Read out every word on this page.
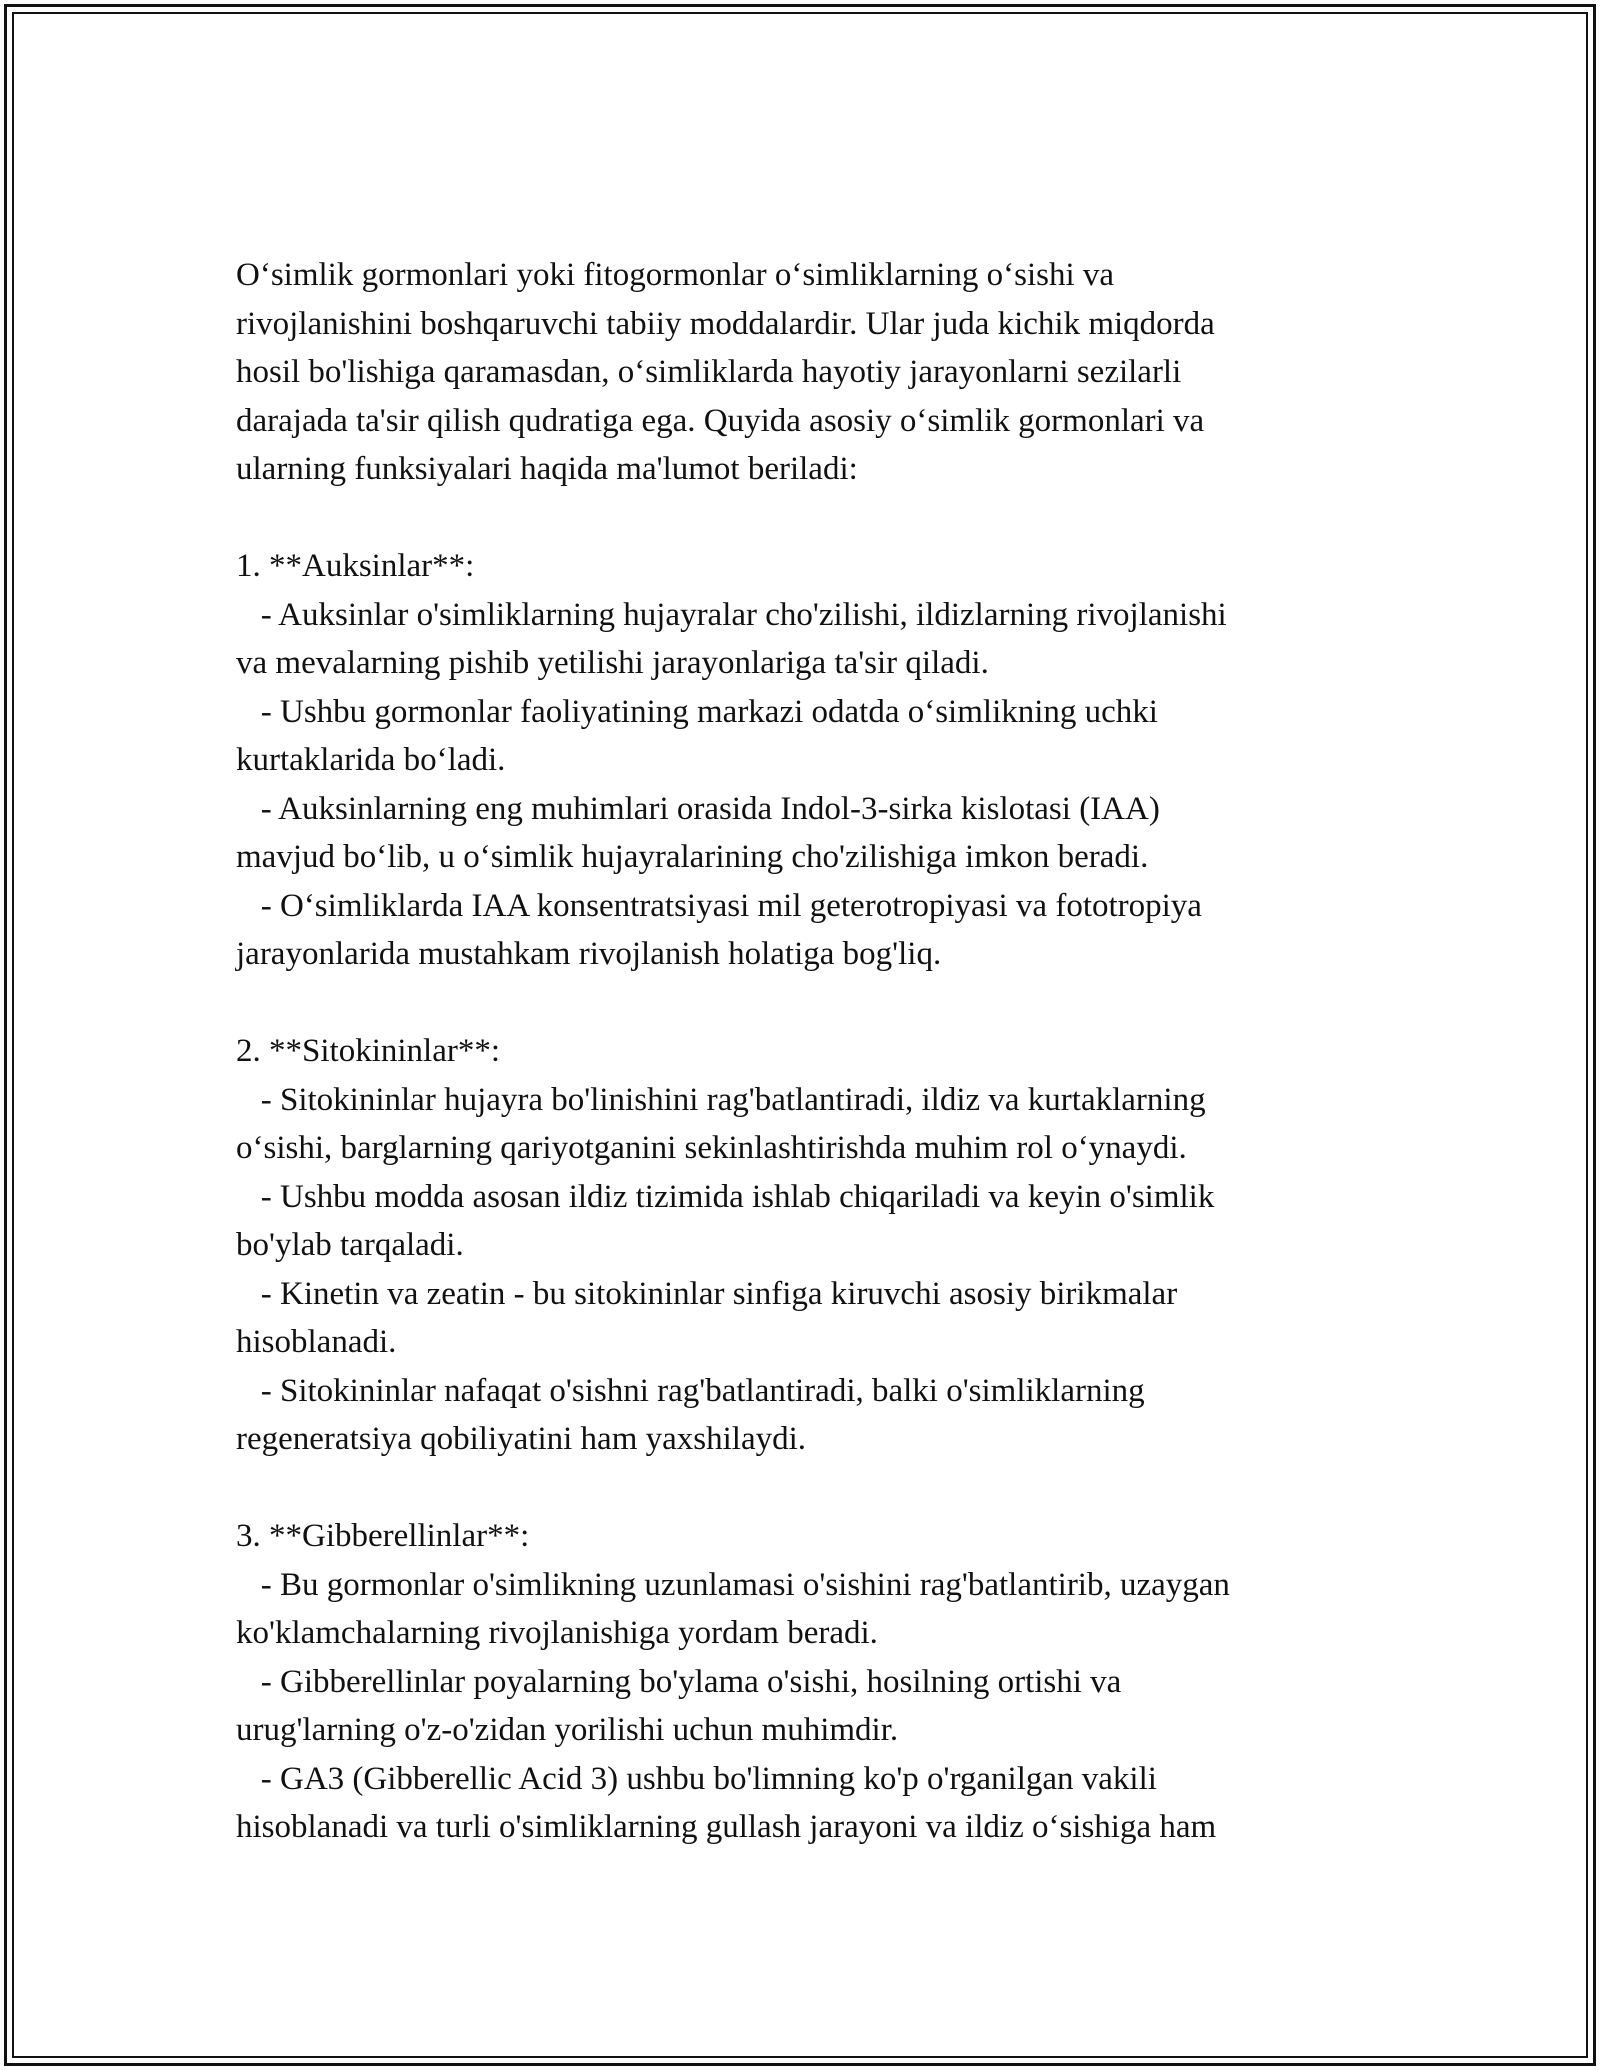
O‘simlik gormonlari yoki fitogormonlar o‘simliklarning o‘sishi va
rivojlanishini boshqaruvchi tabiiy moddalardir. Ular juda kichik miqdorda
hosil bo'lishiga qaramasdan, o‘simliklarda hayotiy jarayonlarni sezilarli
darajada ta'sir qilish qudratiga ega. Quyida asosiy o‘simlik gormonlari va
ularning funksiyalari haqida ma'lumot beriladi:
1. **Auksinlar**:
- Auksinlar o'simliklarning hujayralar cho'zilishi, ildizlarning rivojlanishi
va mevalarning pishib yetilishi jarayonlariga ta'sir qiladi.
- Ushbu gormonlar faoliyatining markazi odatda o‘simlikning uchki
kurtaklarida bo‘ladi.
- Auksinlarning eng muhimlari orasida Indol-3-sirka kislotasi (IAA)
mavjud bo‘lib, u o‘simlik hujayralarining cho'zilishiga imkon beradi.
- O‘simliklarda IAA konsentratsiyasi mil geterotropiyasi va fototropiya
jarayonlarida mustahkam rivojlanish holatiga bog'liq.
2. **Sitokininlar**:
- Sitokininlar hujayra bo'linishini rag'batlantiradi, ildiz va kurtaklarning
o‘sishi, barglarning qariyotganini sekinlashtirishda muhim rol o‘ynaydi.
- Ushbu modda asosan ildiz tizimida ishlab chiqariladi va keyin o'simlik
bo'ylab tarqaladi.
- Kinetin va zeatin - bu sitokininlar sinfiga kiruvchi asosiy birikmalar
hisoblanadi.
- Sitokininlar nafaqat o'sishni rag'batlantiradi, balki o'simliklarning
regeneratsiya qobiliyatini ham yaxshilaydi.
3. **Gibberellinlar**:
- Bu gormonlar o'simlikning uzunlamasi o'sishini rag'batlantirib, uzaygan
ko'klamchalarning rivojlanishiga yordam beradi.
- Gibberellinlar poyalarning bo'ylama o'sishi, hosilning ortishi va
urug'larning o'z-o'zidan yorilishi uchun muhimdir.
- GA3 (Gibberellic Acid 3) ushbu bo'limning ko'p o'rganilgan vakili
hisoblanadi va turli o'simliklarning gullash jarayoni va ildiz o‘sishiga ham
